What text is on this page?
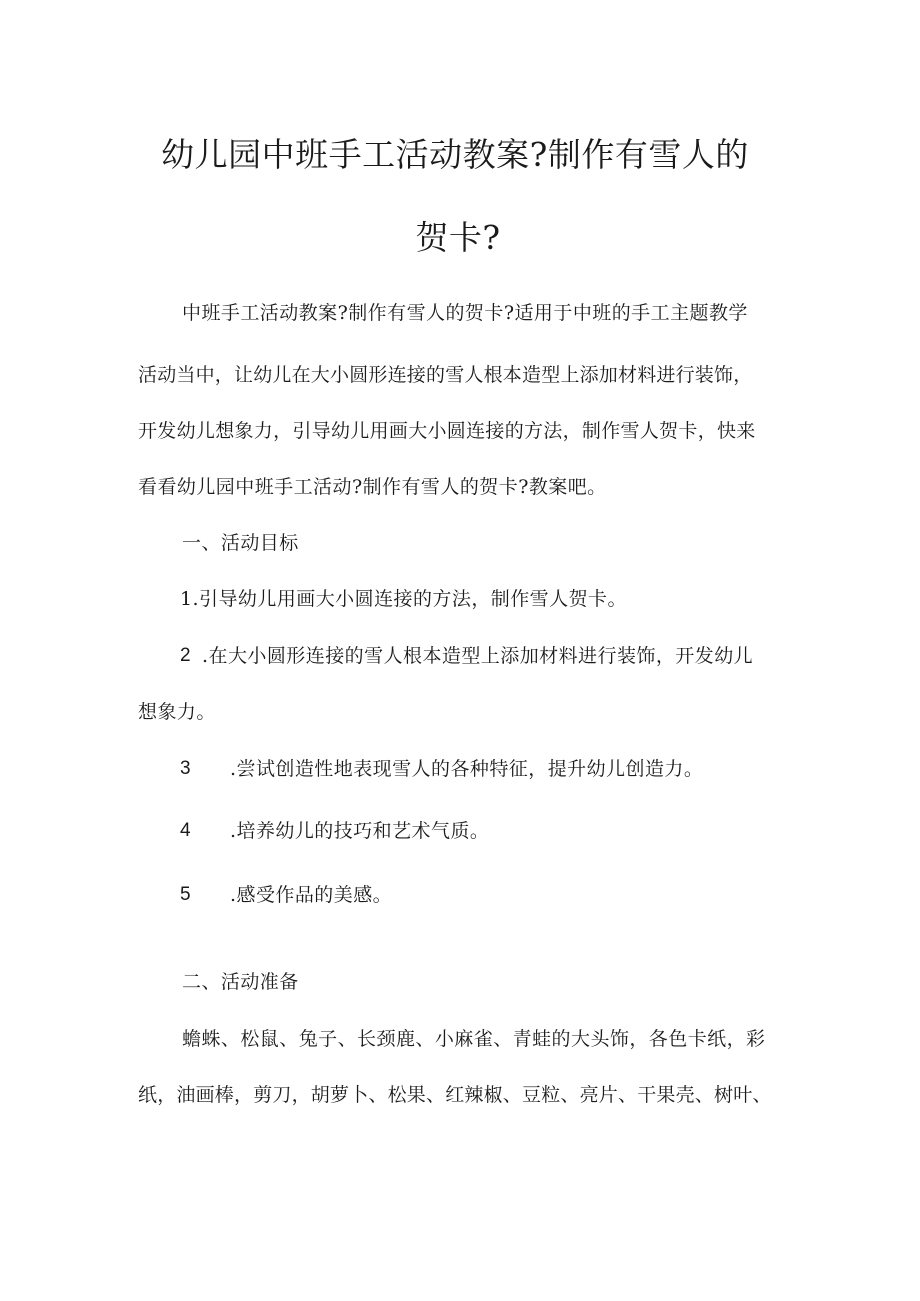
幼儿园中班手工活动教案?制作有雪人的
贺卡?
中班手工活动教案?制作有雪人的贺卡?适用于中班的手工主题教学
活动当中，让幼儿在大小圆形连接的雪人根本造型上添加材料进行装饰，
开发幼儿想象力，引导幼儿用画大小圆连接的方法，制作雪人贺卡，快来
看看幼儿园中班手工活动?制作有雪人的贺卡?教案吧。
一、活动目标
1.引导幼儿用画大小圆连接的方法，制作雪人贺卡。
2 .在大小圆形连接的雪人根本造型上添加材料进行装饰，开发幼儿
想象力。
3 .尝试创造性地表现雪人的各种特征，提升幼儿创造力。
4 .培养幼儿的技巧和艺术气质。
5 .感受作品的美感。
二、活动准备
蟾蛛、松鼠、兔子、长颈鹿、小麻雀、青蛙的大头饰，各色卡纸，彩
纸，油画棒，剪刀，胡萝卜、松果、红辣椒、豆粒、亮片、干果壳、树叶、
